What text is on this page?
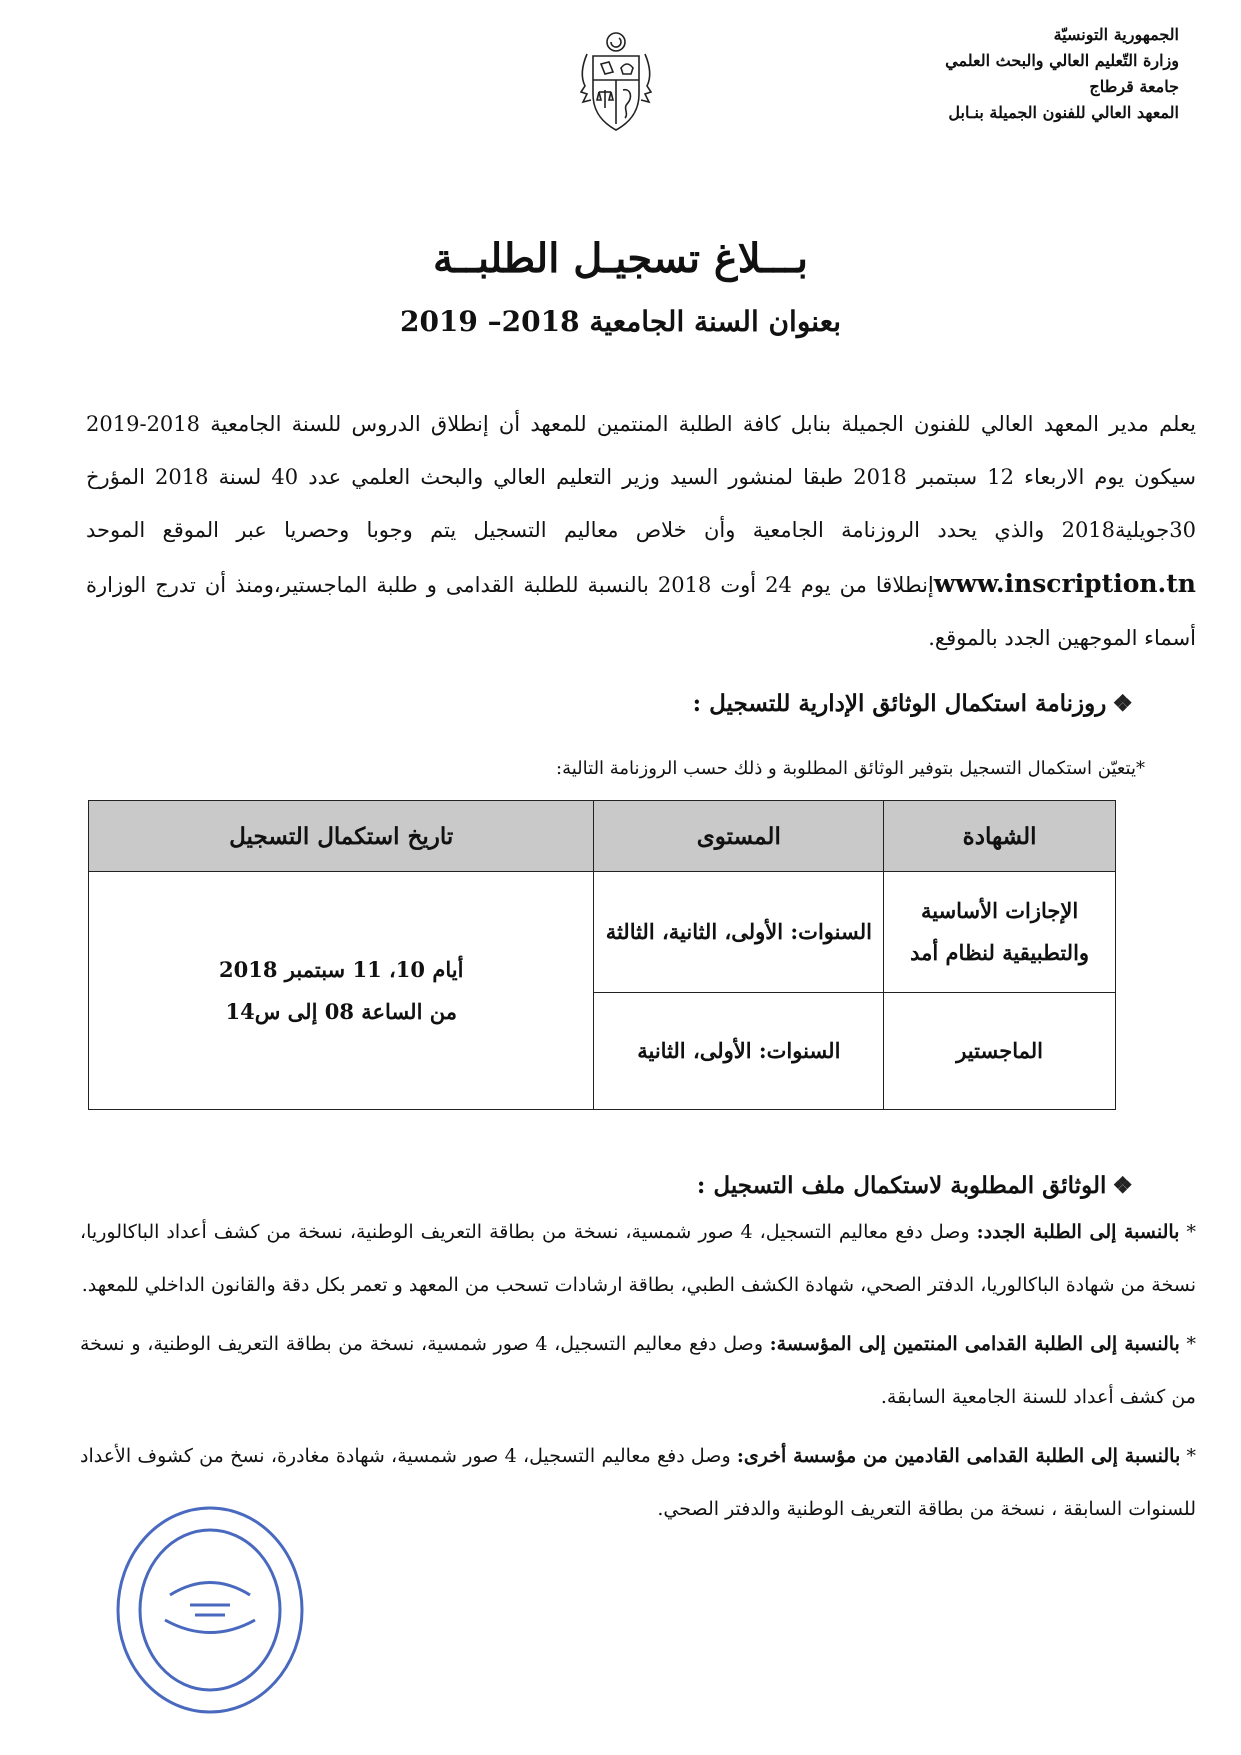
الجمهورية التونسيّة
وزارة التّعليم العالي والبحث العلمي
جامعة قرطاج
المعهد العالي للفنون الجميلة بنـابل
بـــلاغ تسجيـل الطلبــة
بعنوان السنة الجامعية 2018– 2019
يعلم مدير المعهد العالي للفنون الجميلة بنابل كافة الطلبة المنتمين للمعهد أن إنطلاق الدروس للسنة الجامعية 2018-2019 سيكون يوم الاربعاء 12 سبتمبر 2018 طبقا لمنشور السيد وزير التعليم العالي والبحث العلمي عدد 40 لسنة 2018 المؤرخ 30جويلية2018 والذي يحدد الروزنامة الجامعية وأن خلاص معاليم التسجيل يتم وجوبا وحصريا عبر الموقع الموحد www.inscription.tnإنطلاقا من يوم 24 أوت 2018 بالنسبة للطلبة القدامى و طلبة الماجستير،ومنذ أن تدرج الوزارة أسماء الموجهين الجدد بالموقع.
❖روزنامة استكمال الوثائق الإدارية للتسجيل :
*يتعيّن استكمال التسجيل بتوفير الوثائق المطلوبة و ذلك حسب الروزنامة التالية:
الشهادة	المستوى	تاريخ استكمال التسجيل
الإجازات الأساسية والتطبيقية لنظام أمد	السنوات: الأولى، الثانية، الثالثة	أيام 10، 11 سبتمبر 2018
من الساعة 08 إلى س14

الماجستير	السنوات: الأولى، الثانية	
❖الوثائق المطلوبة لاستكمال ملف التسجيل :

* بالنسبة إلى الطلبة الجدد: وصل دفع معاليم التسجيل، 4 صور شمسية، نسخة من بطاقة التعريف الوطنية، نسخة من كشف أعداد الباكالوريا، نسخة من شهادة الباكالوريا، الدفتر الصحي، شهادة الكشف الطبي، بطاقة ارشادات تسحب من المعهد و تعمر بكل دقة والقانون الداخلي للمعهد.

* بالنسبة إلى الطلبة القدامى المنتمين إلى المؤسسة: وصل دفع معاليم التسجيل، 4 صور شمسية، نسخة من بطاقة التعريف الوطنية، و نسخة من كشف أعداد للسنة الجامعية السابقة.

* بالنسبة إلى الطلبة القدامى القادمين من مؤسسة أخرى: وصل دفع معاليم التسجيل، 4 صور شمسية، شهادة مغادرة، نسخ من كشوف الأعداد للسنوات السابقة ، نسخة من بطاقة التعريف الوطنية والدفتر الصحي.
